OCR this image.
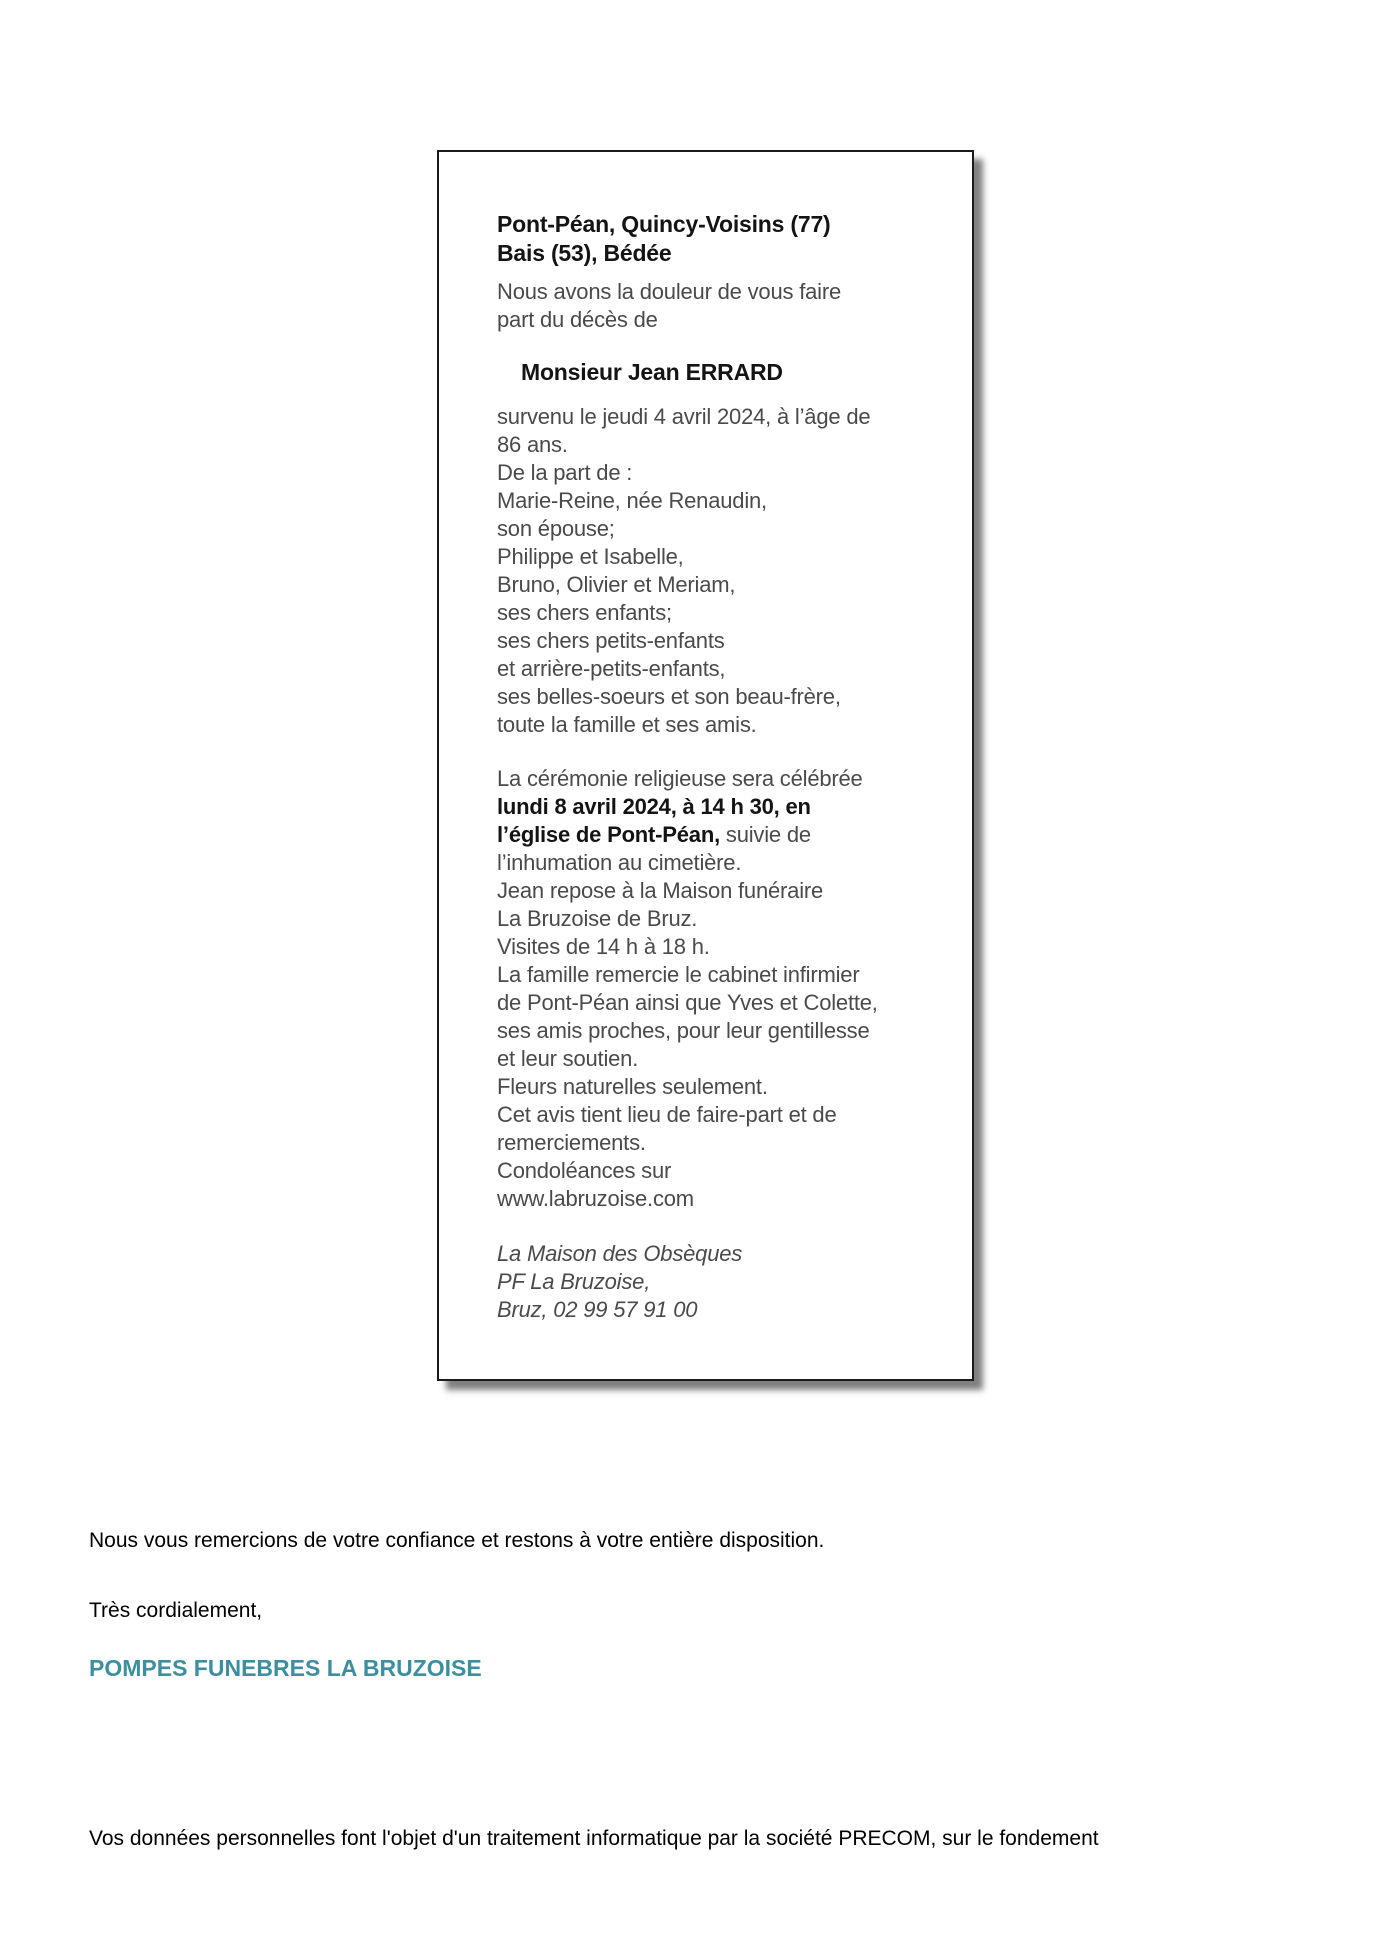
Pont-Péan, Quincy-Voisins (77)
Bais (53), Bédée
Nous avons la douleur de vous faire
part du décès de
Monsieur Jean ERRARD
survenu le jeudi 4 avril 2024, à l’âge de
86 ans.
De la part de :
Marie-Reine, née Renaudin,
son épouse;
Philippe et Isabelle,
Bruno, Olivier et Meriam,
ses chers enfants;
ses chers petits-enfants
et arrière-petits-enfants,
ses belles-soeurs et son beau-frère,
toute la famille et ses amis.
La cérémonie religieuse sera célébrée
lundi 8 avril 2024, à 14 h 30, en
l’église de Pont-Péan, suivie de
l’inhumation au cimetière.
Jean repose à la Maison funéraire
La Bruzoise de Bruz.
Visites de 14 h à 18 h.
La famille remercie le cabinet infirmier
de Pont-Péan ainsi que Yves et Colette,
ses amis proches, pour leur gentillesse
et leur soutien.
Fleurs naturelles seulement.
Cet avis tient lieu de faire-part et de
remerciements.
Condoléances sur
www.labruzoise.com
La Maison des Obsèques
PF La Bruzoise,
Bruz, 02 99 57 91 00
Nous vous remercions de votre confiance et restons à votre entière disposition.
Très cordialement,
POMPES FUNEBRES LA BRUZOISE
Vos données personnelles font l'objet d'un traitement informatique par la société PRECOM, sur le fondement
